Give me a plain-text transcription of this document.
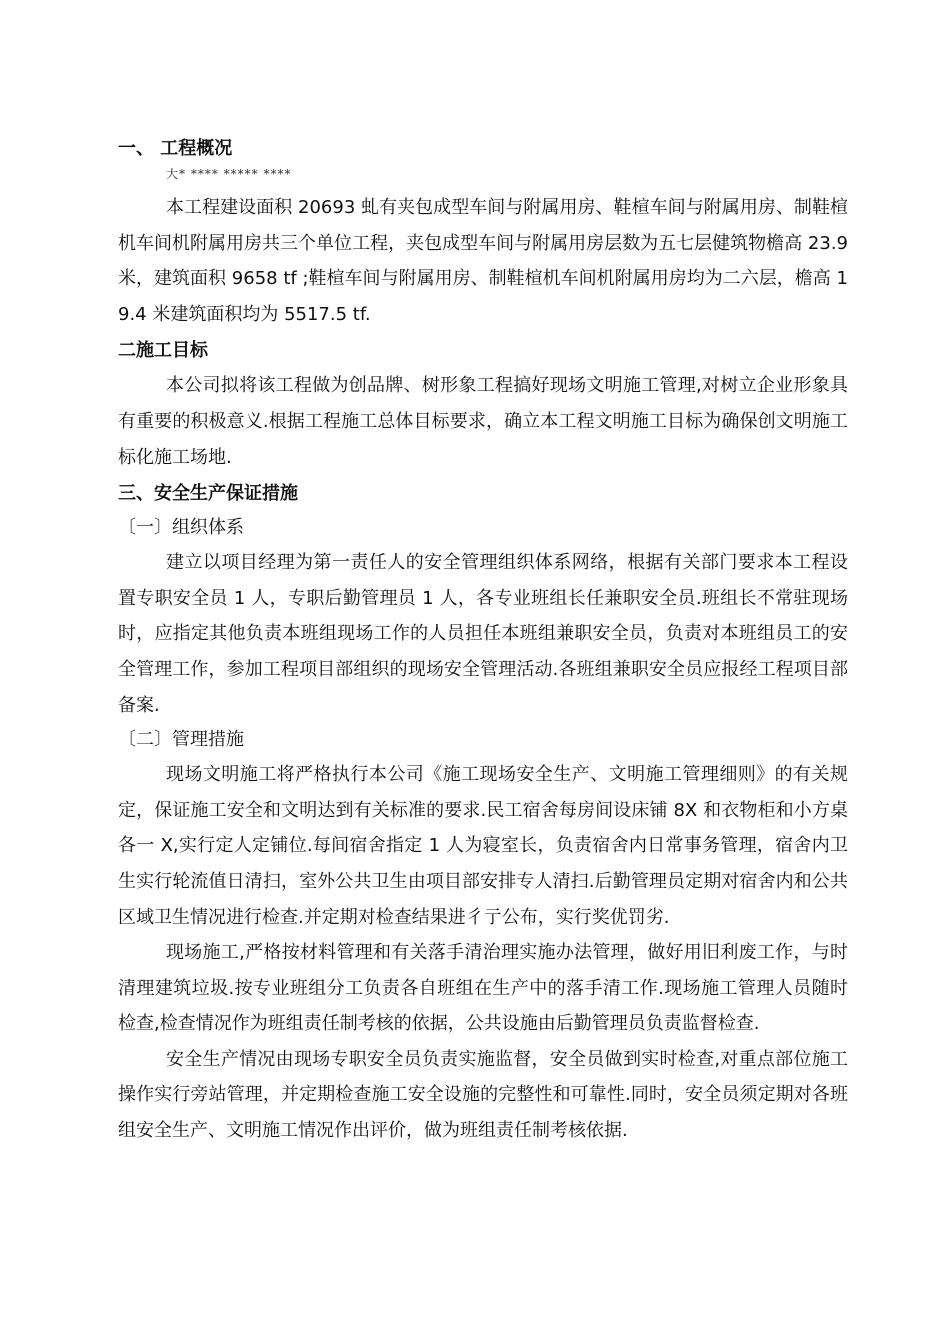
一、 工程概况

大* **** ***** ****

本工程建设面积 20693 虬有夹包成型车间与附属用房、鞋楦车间与附属用房、制鞋楦机车间机附属用房共三个单位工程，夹包成型车间与附属用房层数为五七层健筑物檐高 23.9 米，建筑面积 9658 tf ;鞋楦车间与附属用房、制鞋楦机车间机附属用房均为二六层，檐高 19.4 米建筑面积均为 5517.5 tf.

二施工目标

本公司拟将该工程做为创品牌、树形象工程搞好现场文明施工管理,对树立企业形象具有重要的积极意义.根据工程施工总体目标要求，确立本工程文明施工目标为确保创文明施工标化施工场地.

三、安全生产保证措施

〔一〕组织体系

建立以项目经理为第一责任人的安全管理组织体系网络，根据有关部门要求本工程设置专职安全员 1 人，专职后勤管理员 1 人，各专业班组长任兼职安全员.班组长不常驻现场时，应指定其他负责本班组现场工作的人员担任本班组兼职安全员，负责对本班组员工的安全管理工作，参加工程项目部组织的现场安全管理活动.各班组兼职安全员应报经工程项目部备案.

〔二〕管理措施

现场文明施工将严格执行本公司《施工现场安全生产、文明施工管理细则》的有关规定，保证施工安全和文明达到有关标准的要求.民工宿舍每房间设床铺 8X 和衣物柜和小方桌各一 X,实行定人定铺位.每间宿舍指定 1 人为寝室长，负责宿舍内日常事务管理，宿舍内卫生实行轮流值日清扫，室外公共卫生由项目部安排专人清扫.后勤管理员定期对宿舍内和公共区域卫生情况进行检查.并定期对检查结果进彳亍公布，实行奖优罚劣.

现场施工,严格按材料管理和有关落手清治理实施办法管理，做好用旧利废工作，与时清理建筑垃圾.按专业班组分工负责各自班组在生产中的落手清工作.现场施工管理人员随时检查,检查情况作为班组责任制考核的依据，公共设施由后勤管理员负责监督检查.

安全生产情况由现场专职安全员负责实施监督，安全员做到实时检查,对重点部位施工操作实行旁站管理，并定期检查施工安全设施的完整性和可靠性.同时，安全员须定期对各班组安全生产、文明施工情况作出评价，做为班组责任制考核依据.
